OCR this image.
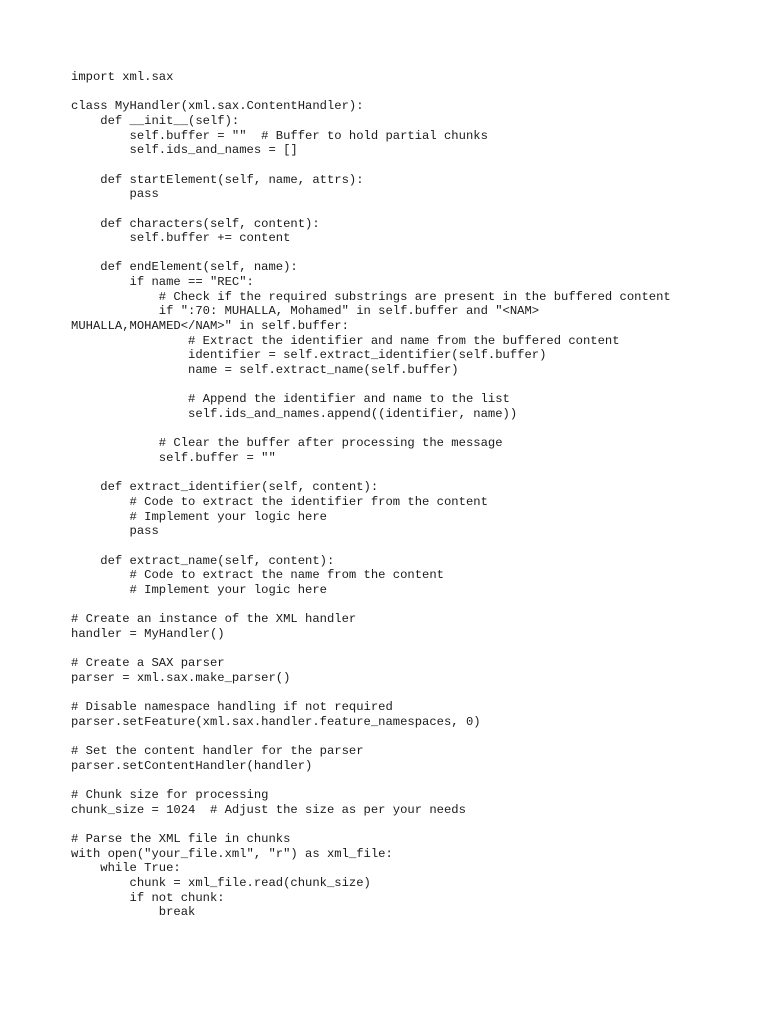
import xml.sax
class MyHandler(xml.sax.ContentHandler):
def __init__(self):
self.buffer = ""  # Buffer to hold partial chunks
self.ids_and_names = []
def startElement(self, name, attrs):
pass
def characters(self, content):
self.buffer += content
def endElement(self, name):
if name == "REC":
# Check if the required substrings are present in the buffered content
if ":70: MUHALLA, Mohamed" in self.buffer and "<NAM>
MUHALLA,MOHAMED</NAM>" in self.buffer:
# Extract the identifier and name from the buffered content
identifier = self.extract_identifier(self.buffer)
name = self.extract_name(self.buffer)
# Append the identifier and name to the list
self.ids_and_names.append((identifier, name))
# Clear the buffer after processing the message
self.buffer = ""
def extract_identifier(self, content):
# Code to extract the identifier from the content
# Implement your logic here
pass
def extract_name(self, content):
# Code to extract the name from the content
# Implement your logic here
# Create an instance of the XML handler
handler = MyHandler()
# Create a SAX parser
parser = xml.sax.make_parser()
# Disable namespace handling if not required
parser.setFeature(xml.sax.handler.feature_namespaces, 0)
# Set the content handler for the parser
parser.setContentHandler(handler)
# Chunk size for processing
chunk_size = 1024  # Adjust the size as per your needs
# Parse the XML file in chunks
with open("your_file.xml", "r") as xml_file:
while True:
chunk = xml_file.read(chunk_size)
if not chunk:
break
